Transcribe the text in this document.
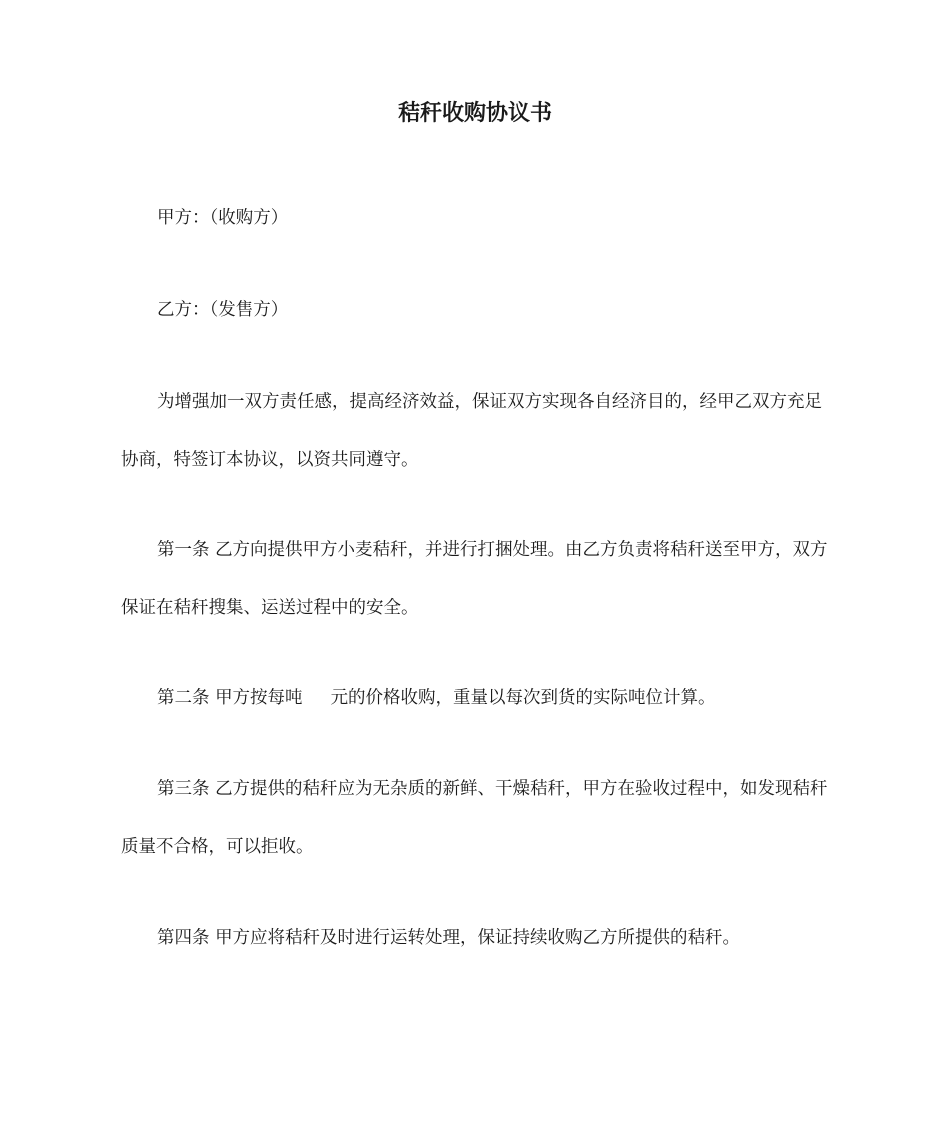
秸秆收购协议书

甲方：（收购方）

乙方：（发售方）

为增强加一双方责任感，提高经济效益，保证双方实现各自经济目的，经甲乙双方充足协商，特签订本协议，以资共同遵守。

第一条 乙方向提供甲方小麦秸秆，并进行打捆处理。由乙方负责将秸秆送至甲方，双方保证在秸秆搜集、运送过程中的安全。

第二条 甲方按每吨 元的价格收购，重量以每次到货的实际吨位计算。

第三条 乙方提供的秸秆应为无杂质的新鲜、干燥秸秆，甲方在验收过程中，如发现秸秆质量不合格，可以拒收。

第四条 甲方应将秸秆及时进行运转处理，保证持续收购乙方所提供的秸秆。
